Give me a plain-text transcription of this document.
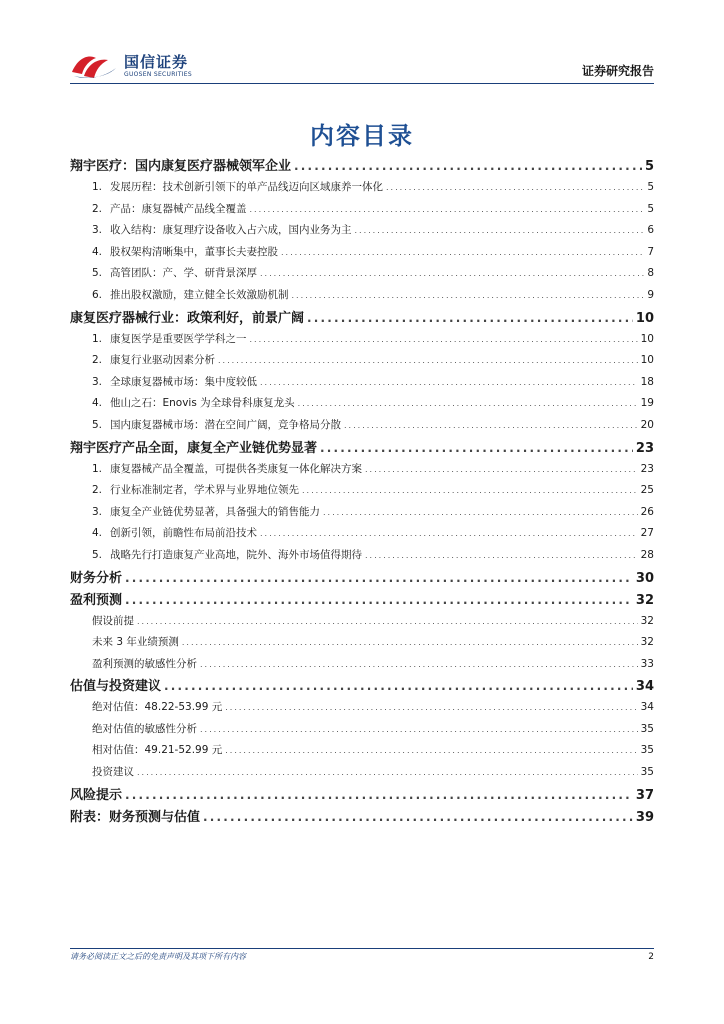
国信证券
GUOSEN SECURITIES	证券研究报告
内容目录
翔宇医疗：国内康复医疗器械领军企业 .....	5
1. 发展历程：技术创新引领下的单产品线迈向区域康养一体化 .....	5
2. 产品：康复器械产品线全覆盖 .....	5
3. 收入结构：康复理疗设备收入占六成，国内业务为主 .....	6
4. 股权架构清晰集中，董事长夫妻控股 .....	7
5. 高管团队：产、学、研背景深厚 .....	8
6. 推出股权激励，建立健全长效激励机制 .....	9
康复医疗器械行业：政策利好，前景广阔 .....	10
1. 康复医学是重要医学学科之一 .....	10
2. 康复行业驱动因素分析 .....	10
3. 全球康复器械市场：集中度较低 .....	18
4. 他山之石：Enovis 为全球骨科康复龙头 .....	19
5. 国内康复器械市场：潜在空间广阔，竞争格局分散 .....	20
翔宇医疗产品全面，康复全产业链优势显著 .....	23
1. 康复器械产品全覆盖，可提供各类康复一体化解决方案 .....	23
2. 行业标准制定者，学术界与业界地位领先 .....	25
3. 康复全产业链优势显著，具备强大的销售能力 .....	26
4. 创新引领，前瞻性布局前沿技术 .....	27
5. 战略先行打造康复产业高地，院外、海外市场值得期待 .....	28
财务分析 .....	30
盈利预测 .....	32
假设前提 .....	32
未来 3 年业绩预测 .....	32
盈利预测的敏感性分析 .....	33
估值与投资建议 .....	34
绝对估值：48.22-53.99 元 .....	34
绝对估值的敏感性分析 .....	35
相对估值：49.21-52.99 元 .....	35
投资建议 .....	35
风险提示 .....	37
附表：财务预测与估值 .....	39
请务必阅读正文之后的免责声明及其项下所有内容	2
